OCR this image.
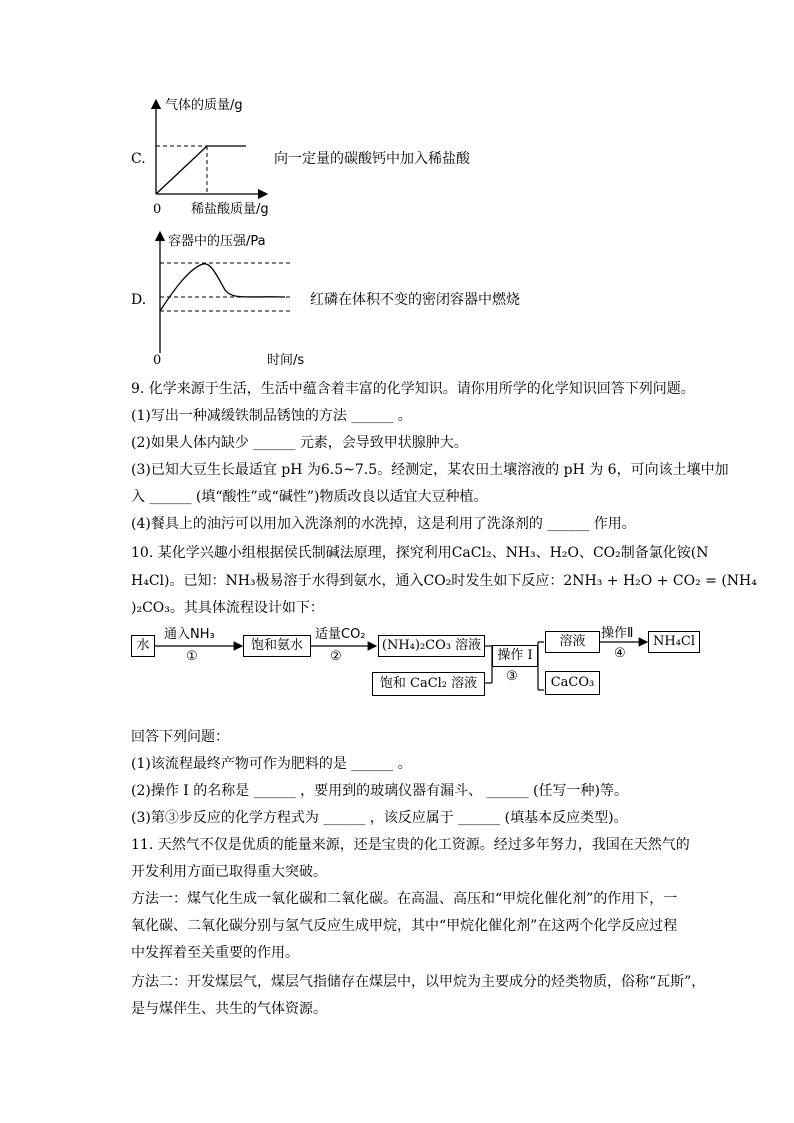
C.
气体的质量/g
0 稀盐酸质量/g
向一定量的碳酸钙中加入稀盐酸
D.
容器中的压强/Pa
0	时间/s
红磷在体积不变的密闭容器中燃烧
9. 化学来源于生活，生活中蕴含着丰富的化学知识。请你用所学的化学知识回答下列问题。
(1)写出一种减缓铁制品锈蚀的方法 ______ 。
(2)如果人体内缺少 ______ 元素，会导致甲状腺肿大。
(3)已知大豆生长最适宜 pH 为6.5~7.5。经测定，某农田土壤溶液的 pH 为 6，可向该土壤中加
入 ______ (填“酸性”或“碱性”)物质改良以适宜大豆种植。
(4)餐具上的油污可以用加入洗涤剂的水洗掉，这是利用了洗涤剂的 ______ 作用。
10. 某化学兴趣小组根据侯氏制碱法原理，探究利用CaCl₂、NH₃、H₂O、CO₂制备氯化铵(N
H₄Cl)。已知：NH₃极易溶于水得到氨水，通入CO₂时发生如下反应：2NH₃ + H₂O + CO₂ = (NH₄
)₂CO₃。其具体流程设计如下：
水
通入NH₃
①
饱和氨水
适量CO₂
②
(NH₄)₂CO₃ 溶液
饱和 CaCl₂ 溶液
操作 I
③
溶液
操作Ⅱ
④
NH₄Cl
CaCO₃
回答下列问题：
(1)该流程最终产物可作为肥料的是 ______ 。
(2)操作 I 的名称是 ______ ，要用到的玻璃仪器有漏斗、 ______ (任写一种)等。
(3)第③步反应的化学方程式为 ______ ，该反应属于 ______ (填基本反应类型)。
11. 天然气不仅是优质的能量来源，还是宝贵的化工资源。经过多年努力，我国在天然气的
开发利用方面已取得重大突破。
方法一：煤气化生成一氧化碳和二氧化碳。在高温、高压和“甲烷化催化剂”的作用下，一
氧化碳、二氧化碳分别与氢气反应生成甲烷，其中“甲烷化催化剂”在这两个化学反应过程
中发挥着至关重要的作用。
方法二：开发煤层气，煤层气指储存在煤层中，以甲烷为主要成分的烃类物质，俗称“瓦斯”，
是与煤伴生、共生的气体资源。
